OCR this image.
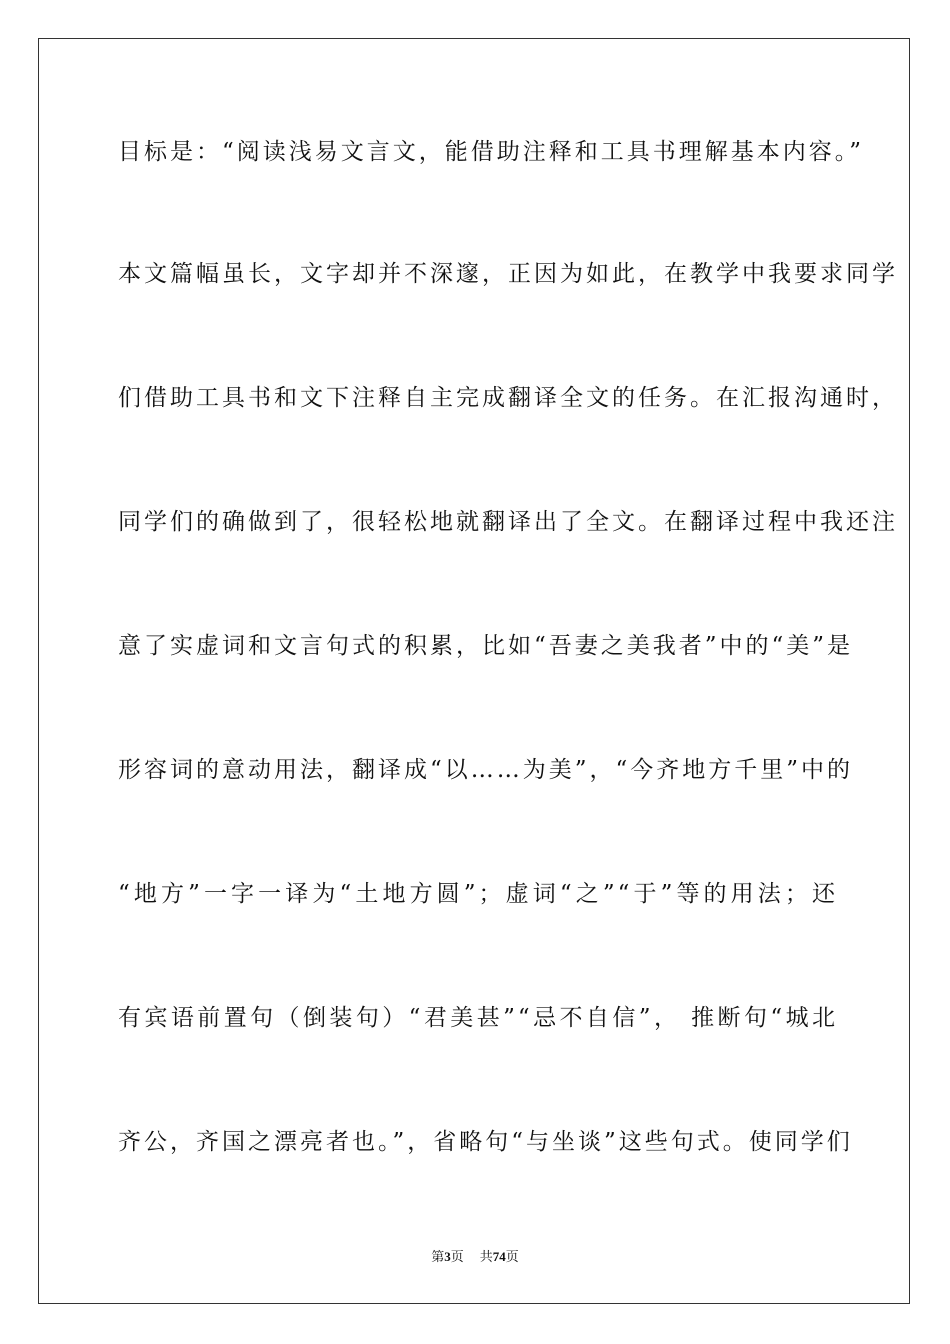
目标是：“阅读浅易文言文，能借助注释和工具书理解基本内容。”
本文篇幅虽长，文字却并不深邃，正因为如此，在教学中我要求同学
们借助工具书和文下注释自主完成翻译全文的任务。在汇报沟通时，
同学们的确做到了，很轻松地就翻译出了全文。在翻译过程中我还注
意了实虚词和文言句式的积累，比如“吾妻之美我者”中的“美”是
形容词的意动用法，翻译成“以……为美”，“今齐地方千里”中的
“地方”一字一译为“土地方圆”；虚词“之”“于”等的用法；还
有宾语前置句（倒装句）“君美甚”“忌不自信”， 推断句“城北
齐公，齐国之漂亮者也。”，省略句“与坐谈”这些句式。使同学们
第3页 共74页
